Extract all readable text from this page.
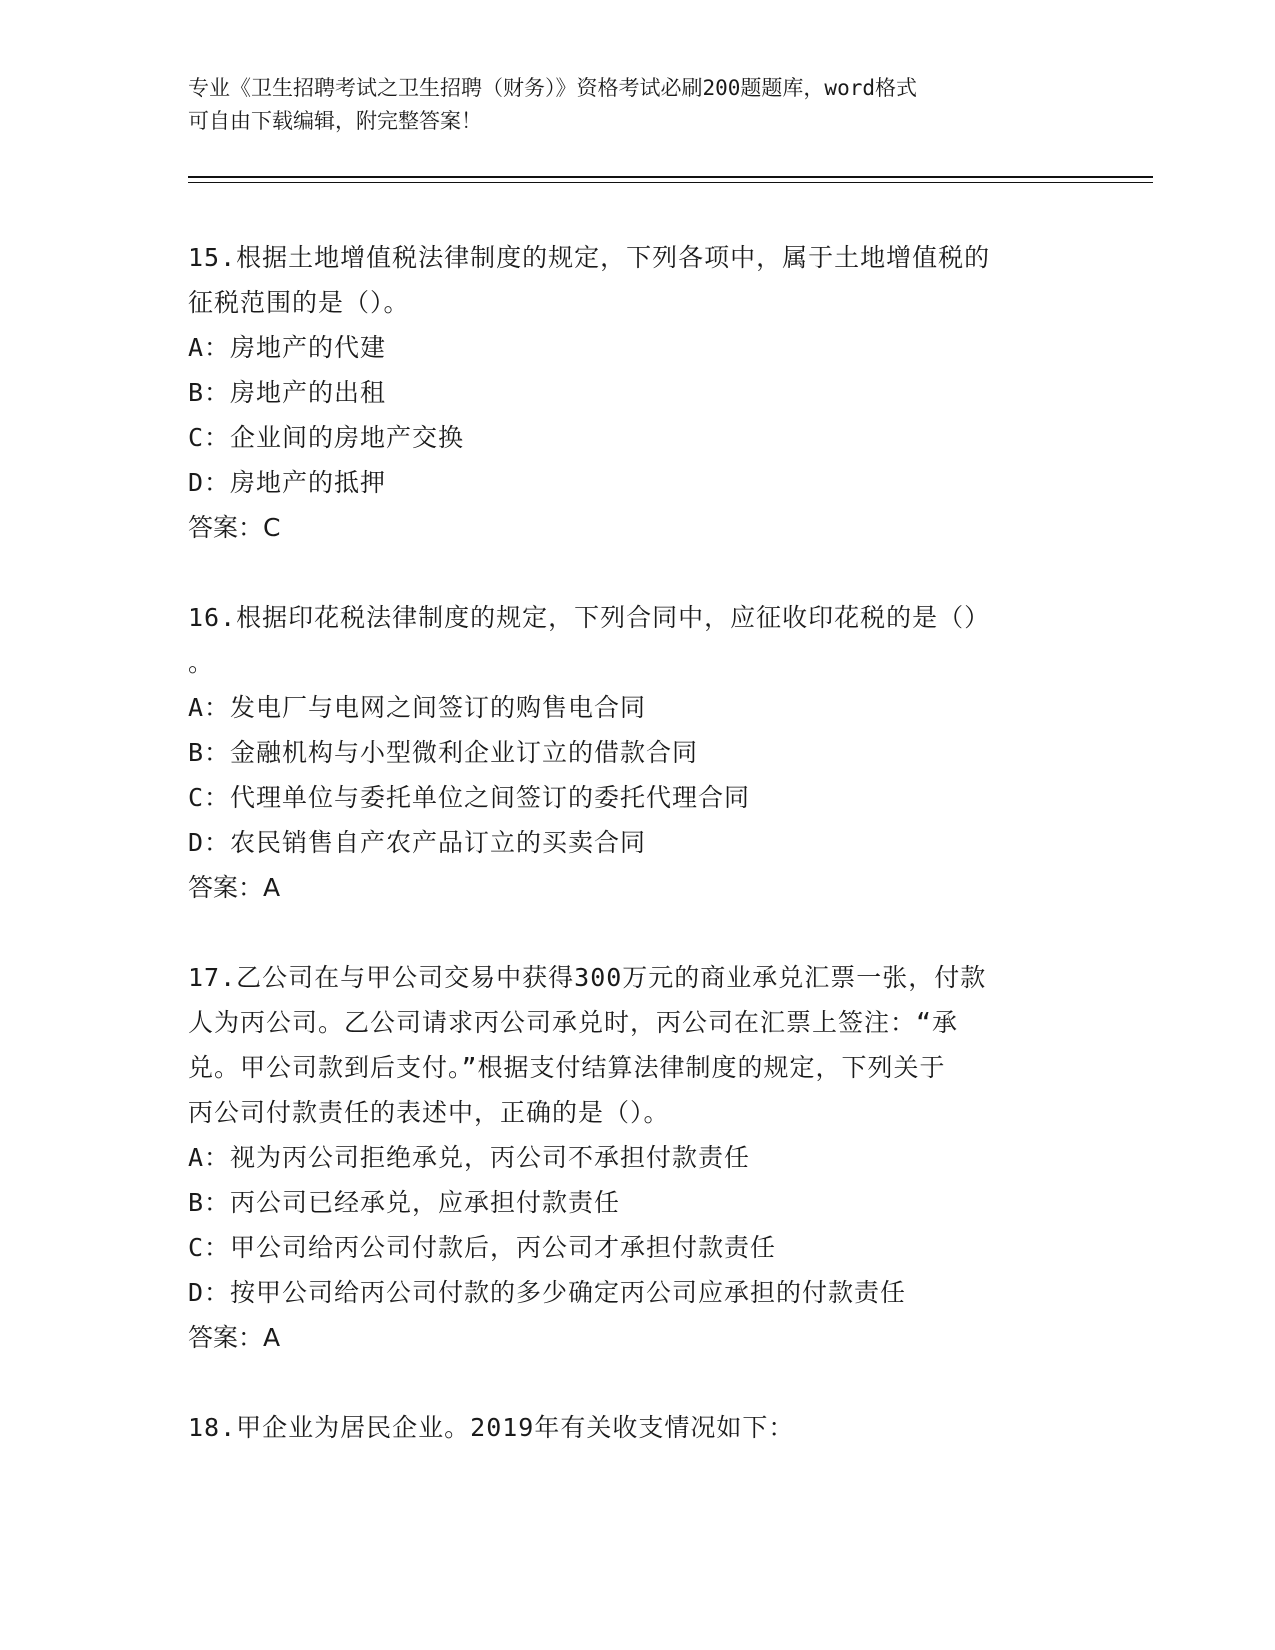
专业《卫生招聘考试之卫生招聘（财务）》资格考试必刷200题题库，word格式
可自由下载编辑，附完整答案！
15.根据土地增值税法律制度的规定，下列各项中，属于土地增值税的
征税范围的是（）。
A：房地产的代建
B：房地产的出租
C：企业间的房地产交换
D：房地产的抵押
答案：C
16.根据印花税法律制度的规定，下列合同中，应征收印花税的是（）
。
A：发电厂与电网之间签订的购售电合同
B：金融机构与小型微利企业订立的借款合同
C：代理单位与委托单位之间签订的委托代理合同
D：农民销售自产农产品订立的买卖合同
答案：A
17.乙公司在与甲公司交易中获得300万元的商业承兑汇票一张，付款
人为丙公司。乙公司请求丙公司承兑时，丙公司在汇票上签注：“承
兑。甲公司款到后支付。”根据支付结算法律制度的规定，下列关于
丙公司付款责任的表述中，正确的是（）。
A：视为丙公司拒绝承兑，丙公司不承担付款责任
B：丙公司已经承兑，应承担付款责任
C：甲公司给丙公司付款后，丙公司才承担付款责任
D：按甲公司给丙公司付款的多少确定丙公司应承担的付款责任
答案：A
18.甲企业为居民企业。2019年有关收支情况如下：
